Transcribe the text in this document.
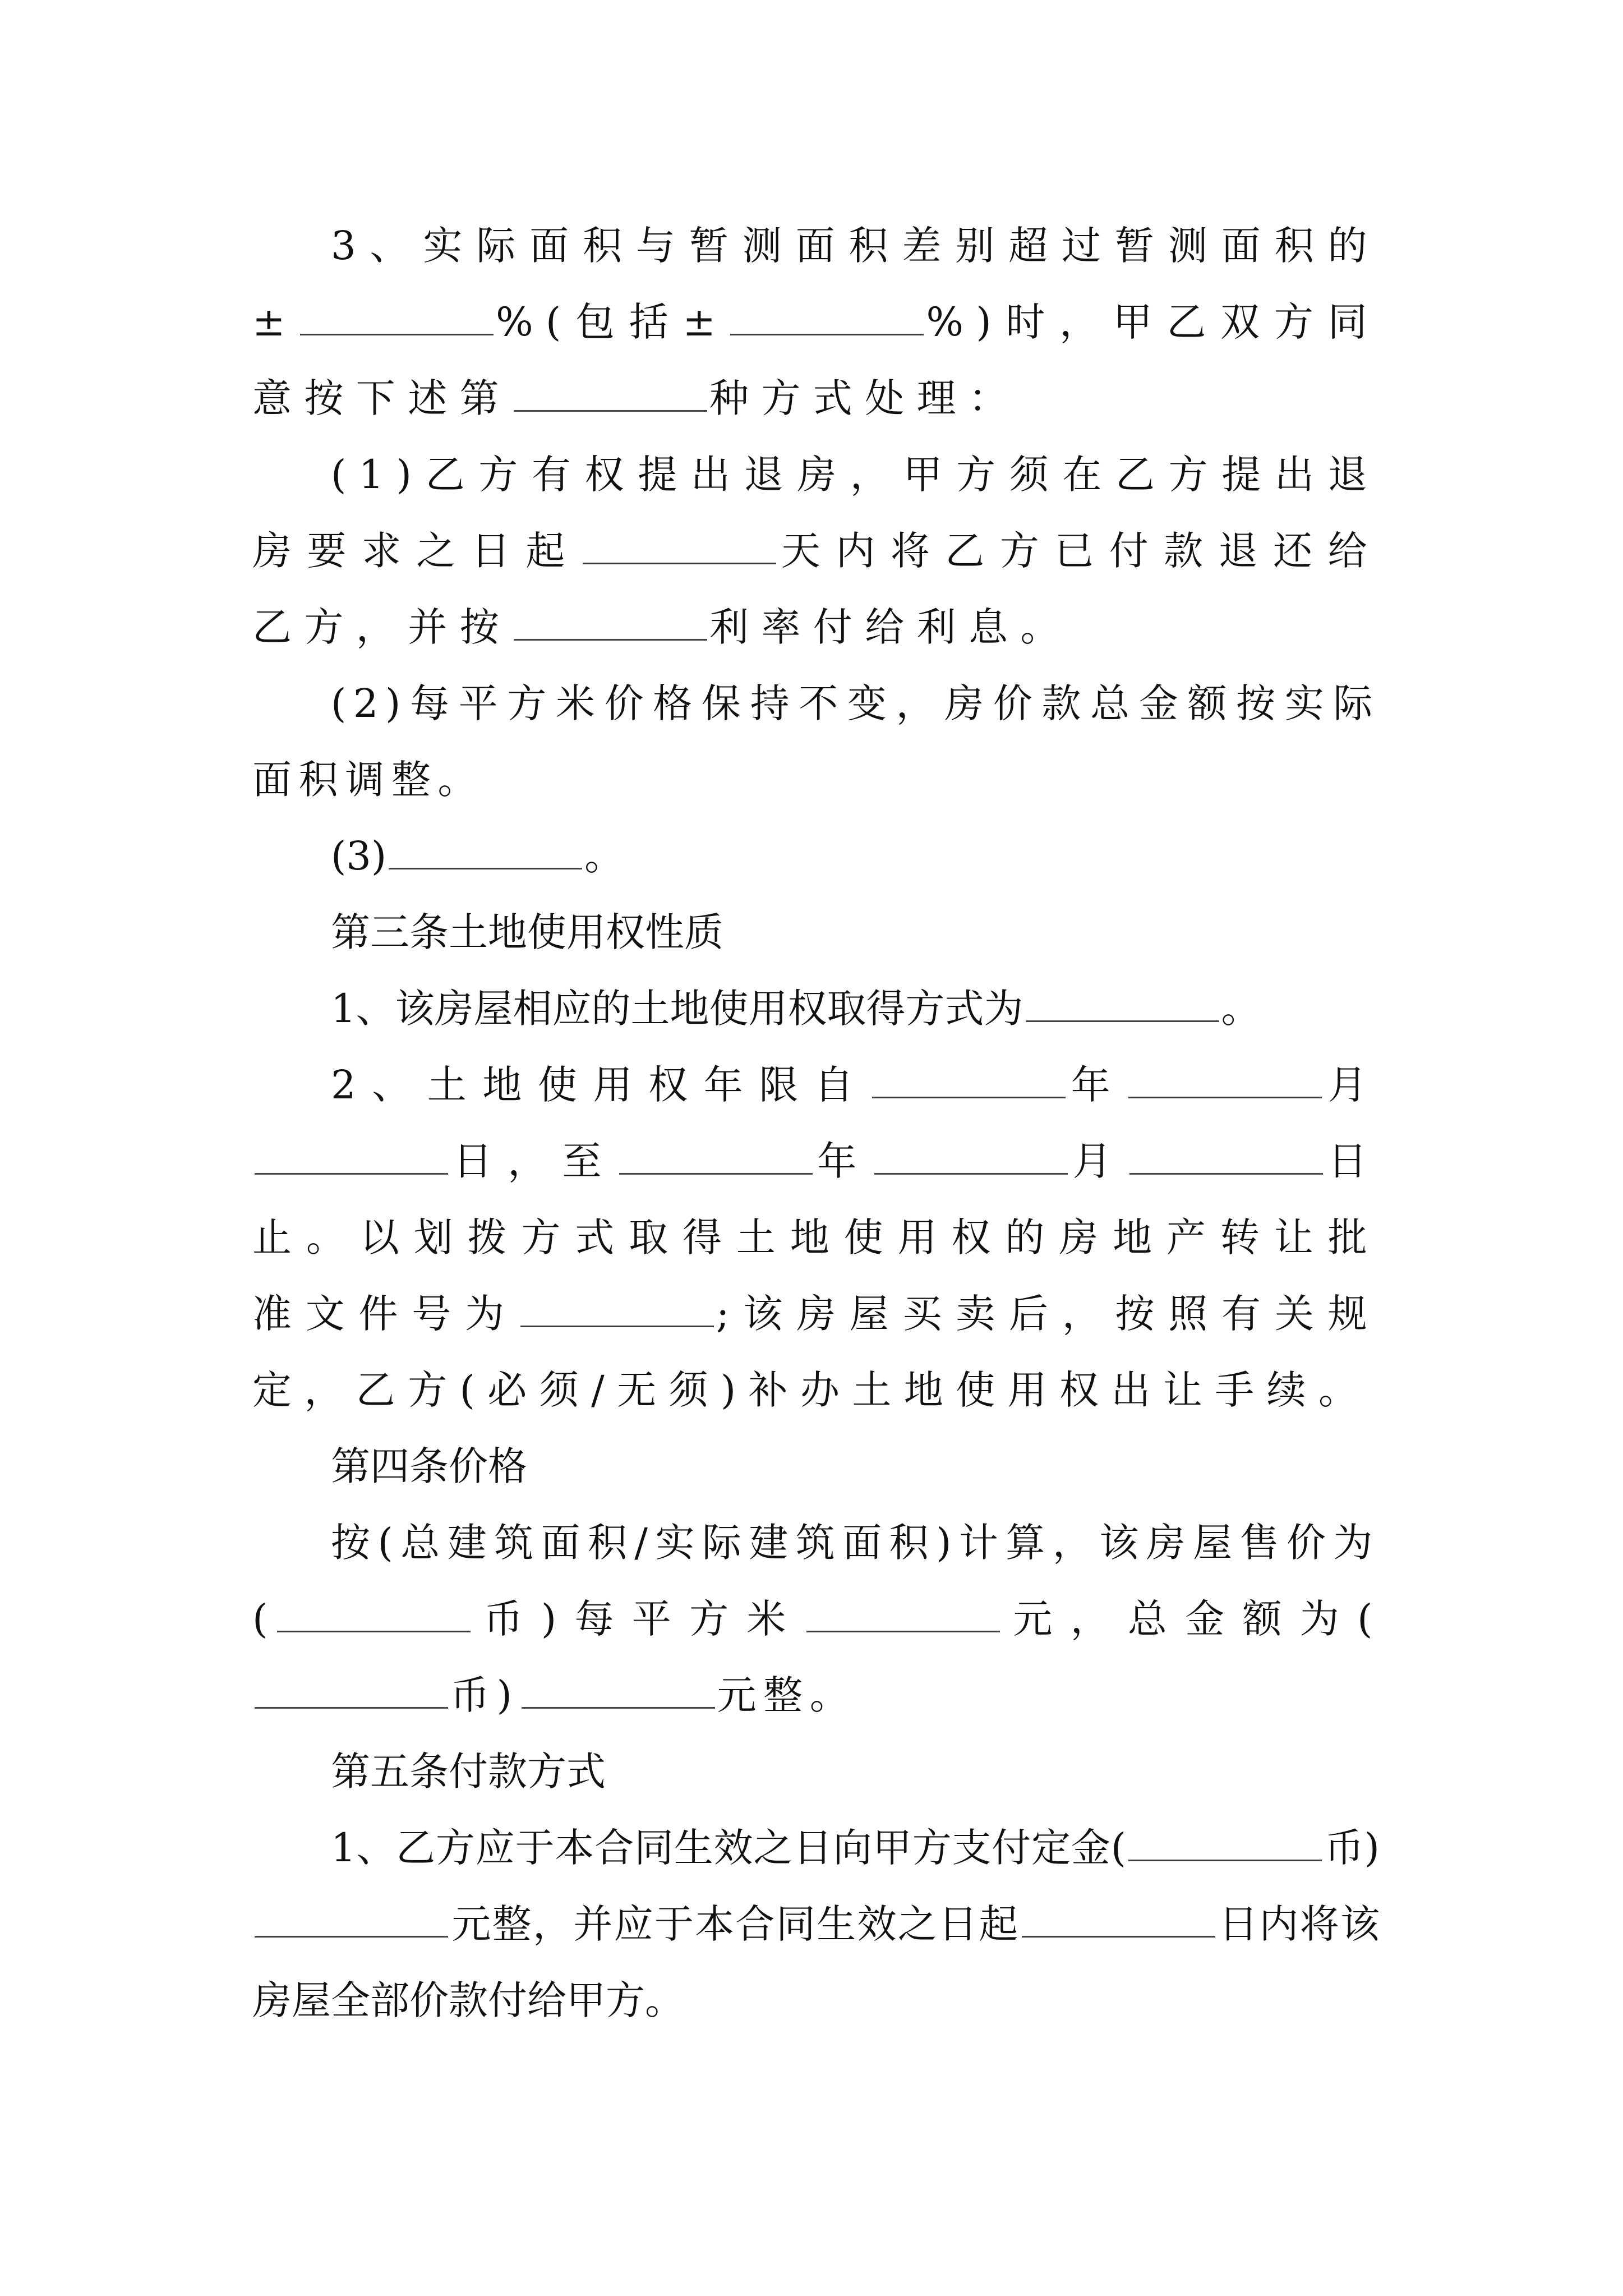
3、实际面积与暂测面积差别超过暂测面积的±	%(包括±	%)时，甲乙双方同意按下述第	种方式处理：

(1)乙方有权提出退房，甲方须在乙方提出退房要求之日起	天内将乙方已付款退还给乙方，并按	利率付给利息。

(2)每平方米价格保持不变，房价款总金额按实际面积调整。

(3)	。

第三条土地使用权性质

1、该房屋相应的土地使用权取得方式为	。

2、土地使用权年限自	年	月日，至	年	月	日止。以划拨方式取得土地使用权的房地产转让批准文件号为	;该房屋买卖后，按照有关规定，乙方(必须/无须)补办土地使用权出让手续。

第四条价格

按(总建筑面积/实际建筑面积)计算，该房屋售价为(	币)每平方米	元，总金额为(币)	元整。

第五条付款方式

1、乙方应于本合同生效之日向甲方支付定金(	币)元整，并应于本合同生效之日起	日内将该房屋全部价款付给甲方。
